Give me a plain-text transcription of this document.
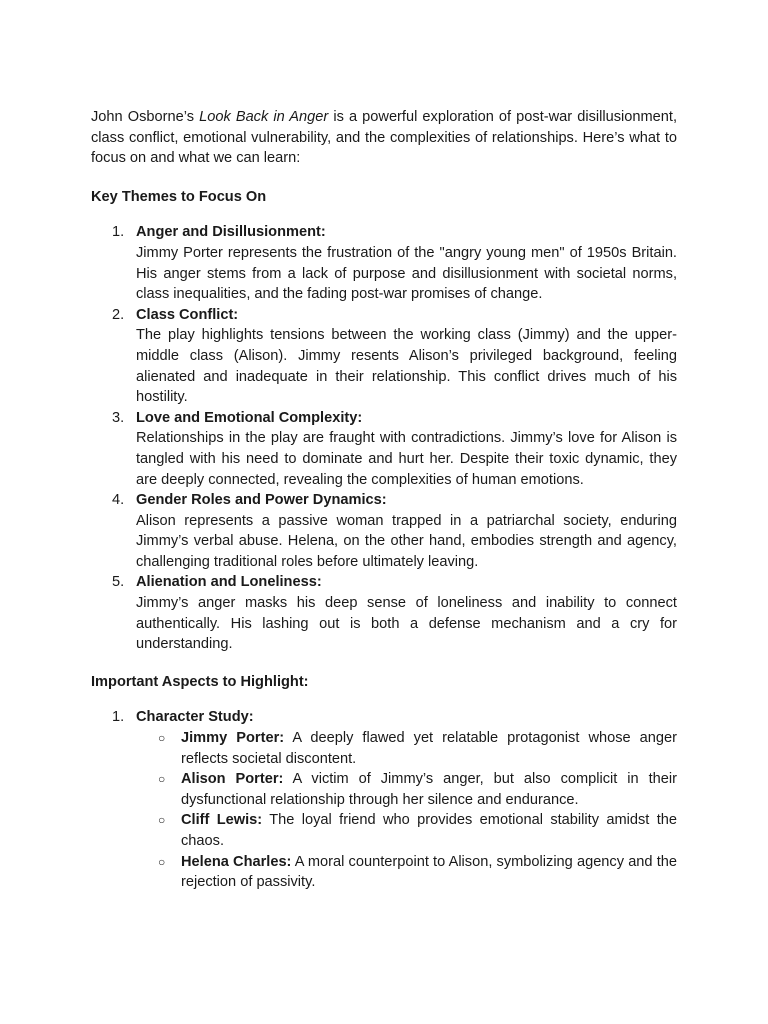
John Osborne’s Look Back in Anger is a powerful exploration of post-war disillusionment, class conflict, emotional vulnerability, and the complexities of relationships. Here’s what to focus on and what we can learn:

Key Themes to Focus On

1. Anger and Disillusionment:

Jimmy Porter represents the frustration of the "angry young men" of 1950s Britain. His anger stems from a lack of purpose and disillusionment with societal norms, class inequalities, and the fading post-war promises of change.

2. Class Conflict:

The play highlights tensions between the working class (Jimmy) and the upper-middle class (Alison). Jimmy resents Alison’s privileged background, feeling alienated and inadequate in their relationship. This conflict drives much of his hostility.

3. Love and Emotional Complexity:

Relationships in the play are fraught with contradictions. Jimmy’s love for Alison is tangled with his need to dominate and hurt her. Despite their toxic dynamic, they are deeply connected, revealing the complexities of human emotions.

4. Gender Roles and Power Dynamics:

Alison represents a passive woman trapped in a patriarchal society, enduring Jimmy’s verbal abuse. Helena, on the other hand, embodies strength and agency, challenging traditional roles before ultimately leaving.

5. Alienation and Loneliness:

Jimmy’s anger masks his deep sense of loneliness and inability to connect authentically. His lashing out is both a defense mechanism and a cry for understanding.

Important Aspects to Highlight:

1. Character Study:
○ Jimmy Porter: A deeply flawed yet relatable protagonist whose anger reflects societal discontent.

○ Alison Porter: A victim of Jimmy’s anger, but also complicit in their dysfunctional relationship through her silence and endurance.

○ Cliff Lewis: The loyal friend who provides emotional stability amidst the chaos.

○ Helena Charles: A moral counterpoint to Alison, symbolizing agency and the rejection of passivity.
